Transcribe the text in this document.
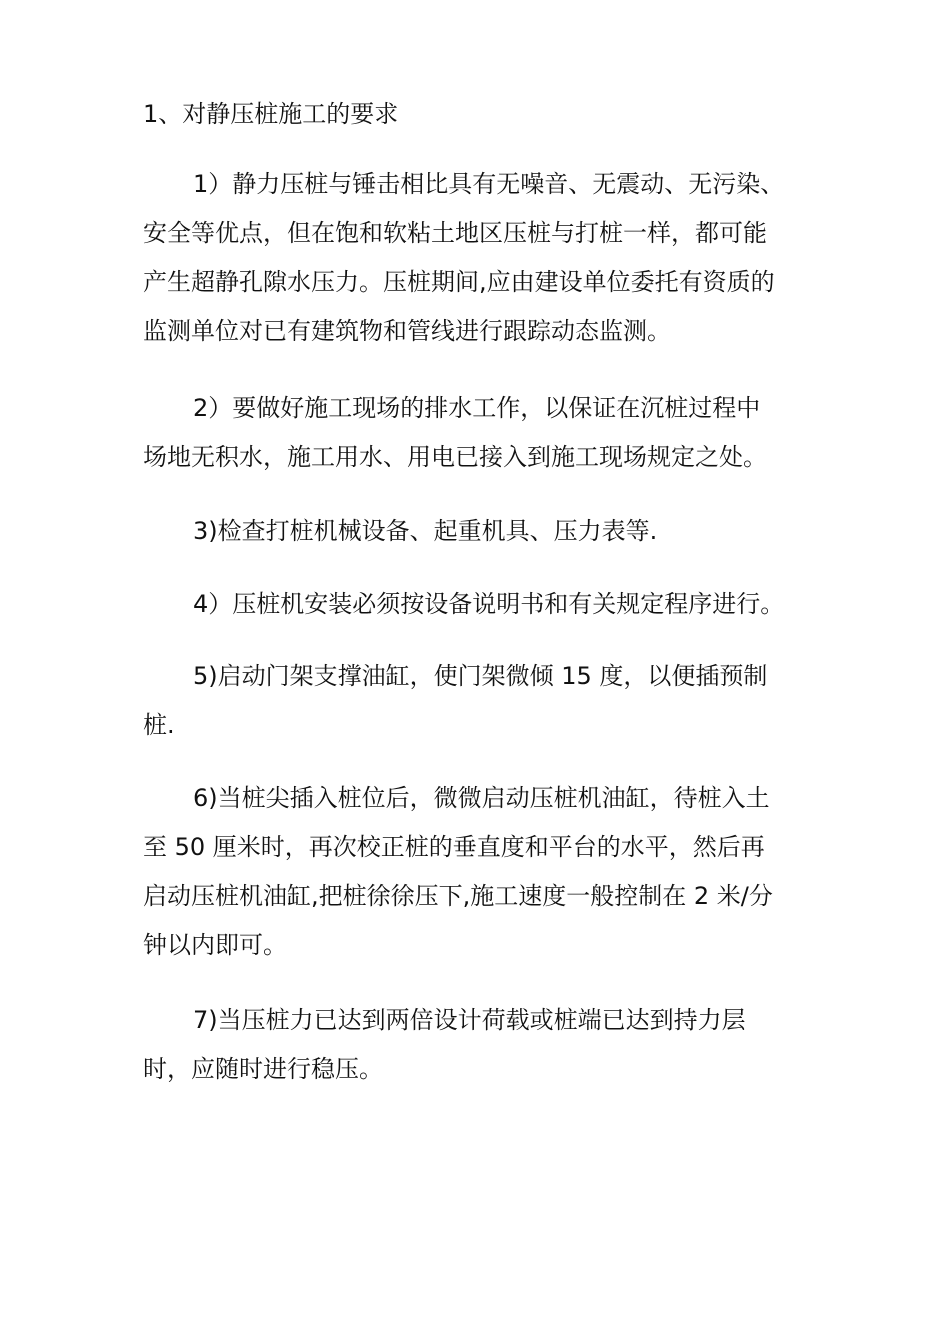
1、对静压桩施工的要求
1）静力压桩与锤击相比具有无噪音、无震动、无污染、
安全等优点，但在饱和软粘土地区压桩与打桩一样，都可能
产生超静孔隙水压力。压桩期间,应由建设单位委托有资质的
监测单位对已有建筑物和管线进行跟踪动态监测。
2）要做好施工现场的排水工作，以保证在沉桩过程中
场地无积水，施工用水、用电已接入到施工现场规定之处。
3)检查打桩机械设备、起重机具、压力表等.
4）压桩机安装必须按设备说明书和有关规定程序进行。
5)启动门架支撑油缸，使门架微倾 15 度，以便插预制
桩.
6)当桩尖插入桩位后，微微启动压桩机油缸，待桩入土
至 50 厘米时，再次校正桩的垂直度和平台的水平，然后再
启动压桩机油缸,把桩徐徐压下,施工速度一般控制在 2 米/分
钟以内即可。
7)当压桩力已达到两倍设计荷载或桩端已达到持力层
时，应随时进行稳压。
